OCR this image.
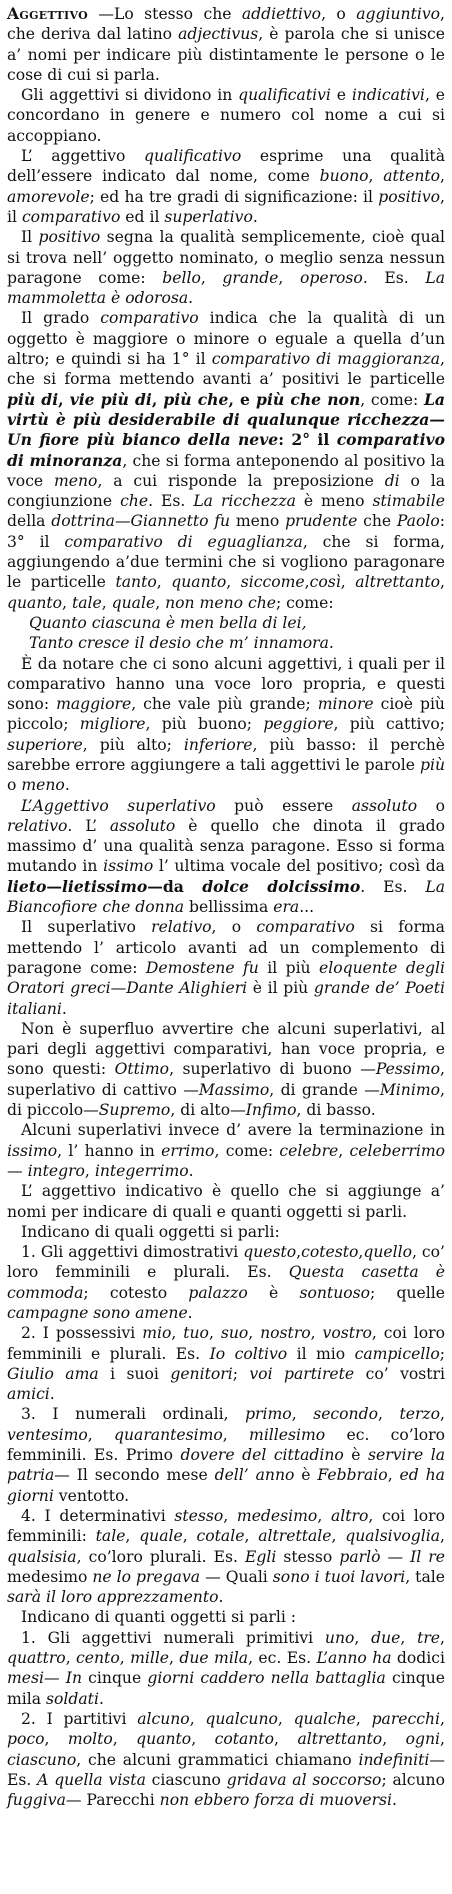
Aggettivo —Lo stesso che addiettivo, o aggiuntivo, che deriva dal latino adjectivus, è parola che si unisce a’ nomi per indicare più distintamente le persone o le cose di cui si parla.

Gli aggettivi si dividono in qualificativi e indicativi, e concordano in genere e numero col nome a cui si accoppiano.

L’ aggettivo qualificativo esprime una qualità dell’essere indicato dal nome, come buono, attento, amorevole; ed ha tre gradi di significazione: il positivo, il comparativo ed il superlativo.

Il positivo segna la qualità semplicemente, cioè qual si trova nell’ oggetto nominato, o meglio senza nessun paragone come: bello, grande, operoso. Es. La mammoletta è odorosa.

Il grado comparativo indica che la qualità di un oggetto è maggiore o minore o eguale a quella d’un altro; e quindi si ha 1° il comparativo di maggioranza, che si forma mettendo avanti a’ positivi le particelle più di, vie più di, più che, e più che non, come: La virtù è più desiderabile di qualunque ricchezza—Un fiore più bianco della neve: 2° il comparativo di minoranza, che si forma anteponendo al positivo la voce meno, a cui risponde la preposizione di o la congiunzione che. Es. La ricchezza è meno stimabile della dottrina—Giannetto fu meno prudente che Paolo: 3° il comparativo di eguaglianza, che si forma, aggiungendo a’due termini che si vogliono paragonare le particelle tanto, quanto, siccome,così, altrettanto, quanto, tale, quale, non meno che; come:

Quanto ciascuna è men bella di lei,

Tanto cresce il desio che m’ innamora.

È da notare che ci sono alcuni aggettivi, i quali per il comparativo hanno una voce loro propria, e questi sono: maggiore, che vale più grande; minore cioè più piccolo; migliore, più buono; peggiore, più cattivo; superiore, più alto; inferiore, più basso: il perchè sarebbe errore aggiungere a tali aggettivi le parole più o meno.

L’Aggettivo superlativo può essere assoluto o relativo. L’ assoluto è quello che dinota il grado massimo d’ una qualità senza paragone. Esso si forma mutando in issimo l’ ultima vocale del positivo; così da lieto—lietissimo—da dolce dolcissimo. Es. La Biancofiore che donna bellissima era...

Il superlativo relativo, o comparativo si forma mettendo l’ articolo avanti ad un complemento di paragone come: Demostene fu il più eloquente degli Oratori greci—Dante Alighieri è il più grande de’ Poeti italiani.

Non è superfluo avvertire che alcuni superlativi, al pari degli aggettivi comparativi, han voce propria, e sono questi: Ottimo, superlativo di buono —Pessimo, superlativo di cattivo —Massimo, di grande —Minimo, di piccolo—Supremo, di alto—Infimo, di basso.

Alcuni superlativi invece d’ avere la terminazione in issimo, l’ hanno in errimo, come: celebre, celeberrimo — integro, integerrimo.

L’ aggettivo indicativo è quello che si aggiunge a’ nomi per indicare di quali e quanti oggetti si parli.

Indicano di quali oggetti si parli:

1. Gli aggettivi dimostrativi questo,cotesto,quello, co’ loro femminili e plurali. Es. Questa casetta è commoda; cotesto palazzo è sontuoso; quelle campagne sono amene.

2. I possessivi mio, tuo, suo, nostro, vostro, coi loro femminili e plurali. Es. Io coltivo il mio campicello; Giulio ama i suoi genitori; voi partirete co’ vostri amici.

3. I numerali ordinali, primo, secondo, terzo, ventesimo, quarantesimo, millesimo ec. co’loro femminili. Es. Primo dovere del cittadino è servire la patria— Il secondo mese dell’ anno è Febbraio, ed ha giorni ventotto.

4. I determinativi stesso, medesimo, altro, coi loro femminili: tale, quale, cotale, altrettale, qualsivoglia, qualsisia, co’loro plurali. Es. Egli stesso parlò — Il re medesimo ne lo pregava — Quali sono i tuoi lavori, tale sarà il loro apprezzamento.

Indicano di quanti oggetti si parli :

1. Gli aggettivi numerali primitivi uno, due, tre, quattro, cento, mille, due mila, ec. Es. L’anno ha dodici mesi— In cinque giorni caddero nella battaglia cinque mila soldati.

2. I partitivi alcuno, qualcuno, qualche, parecchi, poco, molto, quanto, cotanto, altrettanto, ogni, ciascuno, che alcuni grammatici chiamano indefiniti— Es. A quella vista ciascuno gridava al soccorso; alcuno fuggiva— Parecchi non ebbero forza di muoversi.
